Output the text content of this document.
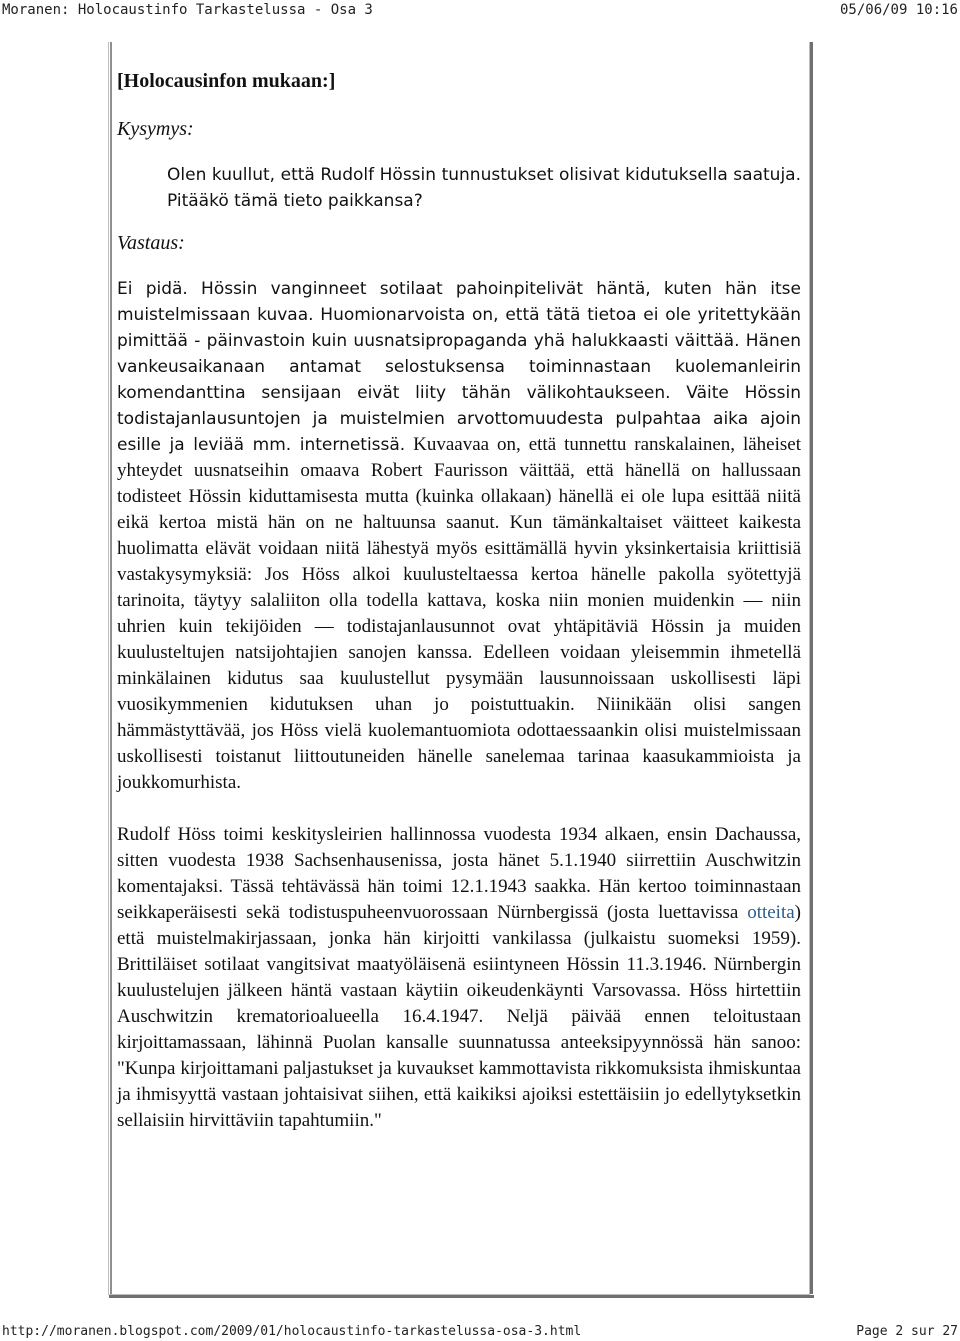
Moranen: Holocaustinfo Tarkastelussa - Osa 3	05/06/09 10:16
[Holocausinfon mukaan:]
Kysymys:
Olen kuullut, että Rudolf Hössin tunnustukset olisivat kidutuksella saatuja. Pitääkö tämä tieto paikkansa?
Vastaus:
Ei pidä. Hössin vanginneet sotilaat pahoinpitelivät häntä, kuten hän itse muistelmissaan kuvaa. Huomionarvoista on, että tätä tietoa ei ole yritettykään pimittää - päinvastoin kuin uusnatsipropaganda yhä halukkaasti väittää. Hänen vankeusaikanaan antamat selostuksensa toiminnastaan kuolemanleirin komendanttina sensijaan eivät liity tähän välikohtaukseen. Väite Hössin todistajanlausuntojen ja muistelmien arvottomuudesta pulpahtaa aika ajoin esille ja leviää mm. internetissä. Kuvaavaa on, että tunnettu ranskalainen, läheiset yhteydet uusnatseihin omaava Robert Faurisson väittää, että hänellä on hallussaan todisteet Hössin kiduttamisesta mutta (kuinka ollakaan) hänellä ei ole lupa esittää niitä eikä kertoa mistä hän on ne haltuunsa saanut. Kun tämänkaltaiset väitteet kaikesta huolimatta elävät voidaan niitä lähestyä myös esittämällä hyvin yksinkertaisia kriittisiä vastakysymyksiä: Jos Höss alkoi kuulusteltaessa kertoa hänelle pakolla syötettyjä tarinoita, täytyy salaliiton olla todella kattava, koska niin monien muidenkin — niin uhrien kuin tekijöiden — todistajanlausunnot ovat yhtäpitäviä Hössin ja muiden kuulusteltujen natsijohtajien sanojen kanssa. Edelleen voidaan yleisemmin ihmetellä minkälainen kidutus saa kuulustellut pysymään lausunnoissaan uskollisesti läpi vuosikymmenien kidutuksen uhan jo poistuttuakin. Niinikään olisi sangen hämmästyttävää, jos Höss vielä kuolemantuomiota odottaessaankin olisi muistelmissaan uskollisesti toistanut liittoutuneiden hänelle sanelemaa tarinaa kaasukammioista ja joukkomurhista.
Rudolf Höss toimi keskitysleirien hallinnossa vuodesta 1934 alkaen, ensin Dachaussa, sitten vuodesta 1938 Sachsenhausenissa, josta hänet 5.1.1940 siirrettiin Auschwitzin komentajaksi. Tässä tehtävässä hän toimi 12.1.1943 saakka. Hän kertoo toiminnastaan seikkaperäisesti sekä todistuspuheenvuorossaan Nürnbergissä (josta luettavissa otteita) että muistelmakirjassaan, jonka hän kirjoitti vankilassa (julkaistu suomeksi 1959). Brittiläiset sotilaat vangitsivat maatyöläisenä esiintyneen Hössin 11.3.1946. Nürnbergin kuulustelujen jälkeen häntä vastaan käytiin oikeudenkäynti Varsovassa. Höss hirtettiin Auschwitzin krematorioalueella 16.4.1947. Neljä päivää ennen teloitustaan kirjoittamassaan, lähinnä Puolan kansalle suunnatussa anteeksipyynnössä hän sanoo: "Kunpa kirjoittamani paljastukset ja kuvaukset kammottavista rikkomuksista ihmiskuntaa ja ihmisyyttä vastaan johtaisivat siihen, että kaikiksi ajoiksi estettäisiin jo edellytyksetkin sellaisiin hirvittäviin tapahtumiin."
http://moranen.blogspot.com/2009/01/holocaustinfo-tarkastelussa-osa-3.html	Page 2 sur 27
